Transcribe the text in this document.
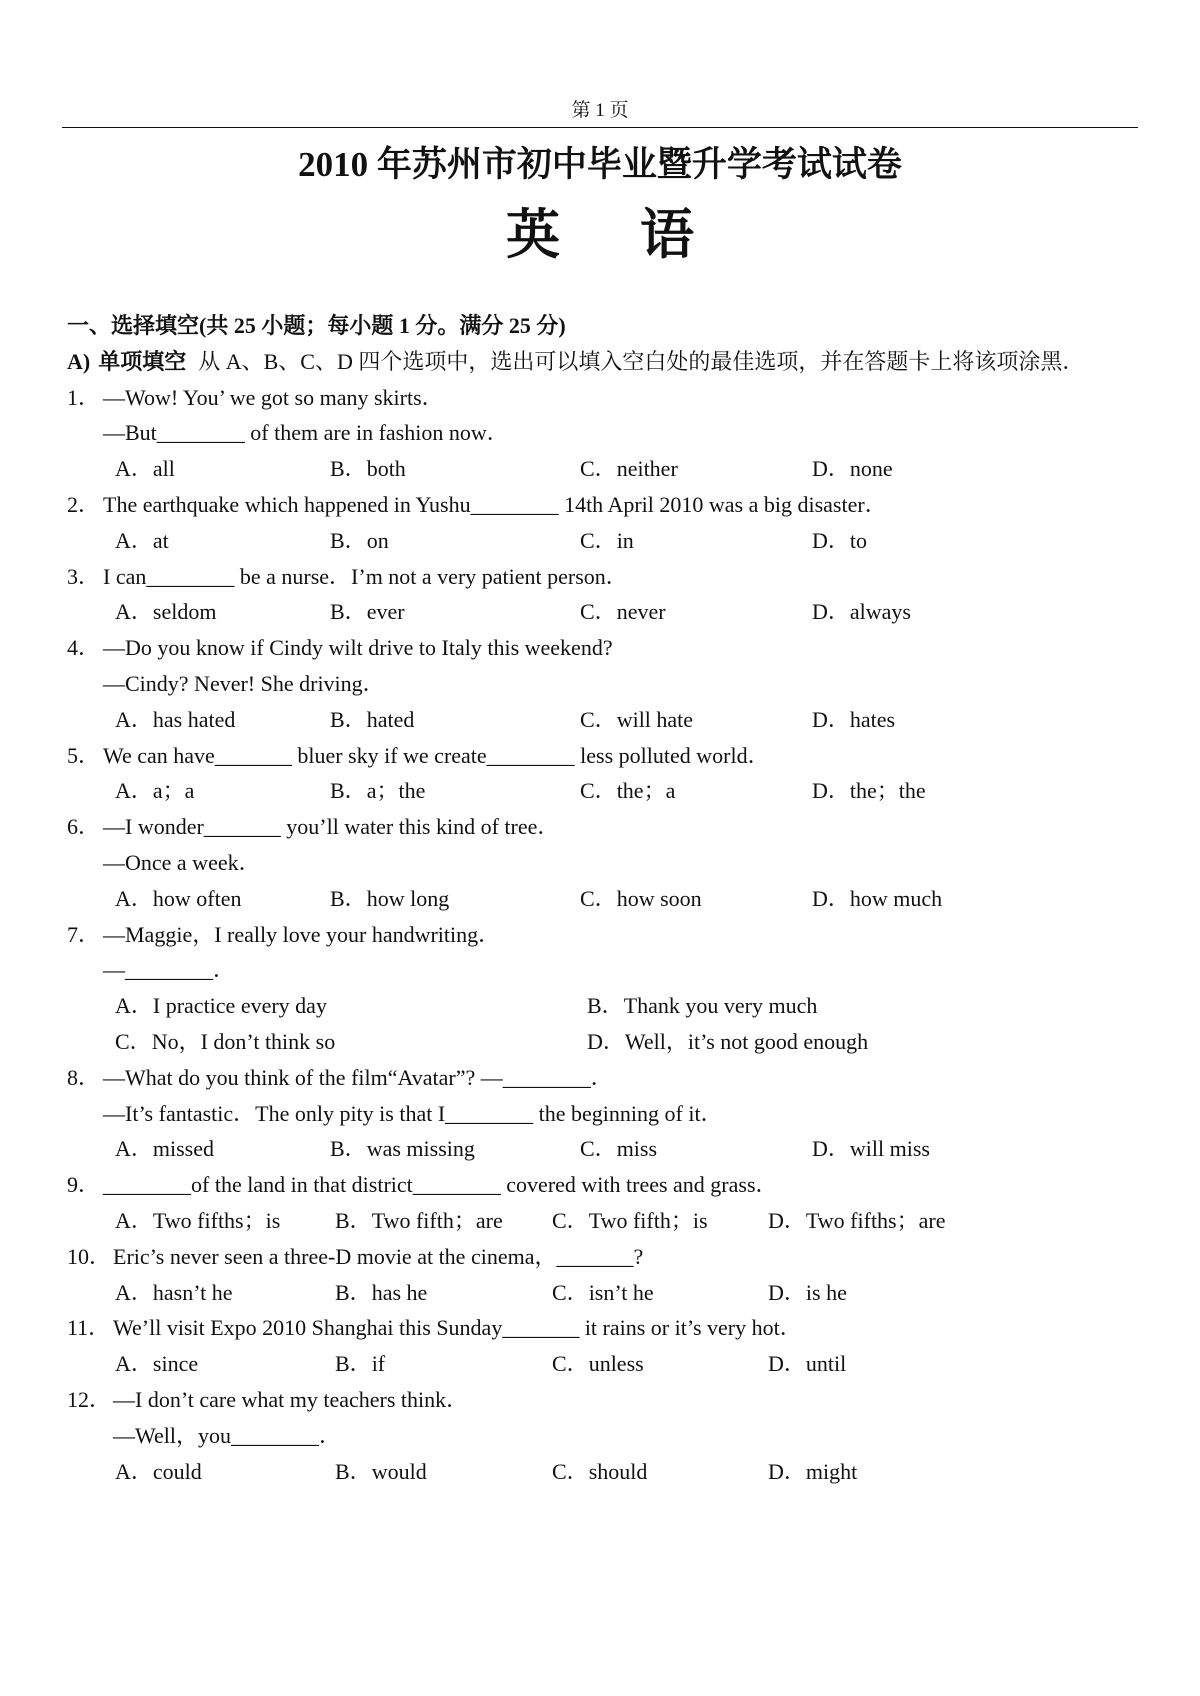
第 1 页
2010 年苏州市初中毕业暨升学考试试卷
英 语
一、选择填空(共 25 小题；每小题 1 分。满分 25 分)
A) 单项填空 从 A、B、C、D 四个选项中，选出可以填入空白处的最佳选项，并在答题卡上将该项涂黑．
1． —Wow! You’ we got so many skirts．
—But________ of them are in fashion now．
A．all	B．both	C．neither	D．none
2． The earthquake which happened in Yushu________ 14th April 2010 was a big disaster．
A．at	B．on	C．in	D．to
3． I can________ be a nurse．I’m not a very patient person．
A．seldom	B．ever	C．never	D．always
4． —Do you know if Cindy wilt drive to Italy this weekend?
—Cindy? Never! She driving．
A．has hated	B．hated	C．will hate	D．hates
5． We can have_______ bluer sky if we create________ less polluted world．
A．a；a	B．a；the	C．the；a	D．the；the
6． —I wonder_______ you’ll water this kind of tree．
—Once a week．
A．how often	B．how long	C．how soon	D．how much
7． —Maggie，I really love your handwriting．
—________．
A．I practice every day	B．Thank you very much
C．No，I don’t think so	D．Well，it’s not good enough
8． —What do you think of the film“Avatar”? —________．
—It’s fantastic．The only pity is that I________ the beginning of it．
A．missed	B．was missing	C．miss	D．will miss
9． ________of the land in that district________ covered with trees and grass．
A．Two fifths；is	B．Two fifth；are	C．Two fifth；is	D．Two fifths；are
10． Eric’s never seen a three-D movie at the cinema，_______?
A．hasn’t he	B．has he	C．isn’t he	D．is he
11． We’ll visit Expo 2010 Shanghai this Sunday_______ it rains or it’s very hot．
A．since	B．if	C．unless	D．until
12． —I don’t care what my teachers think．
—Well，you________．
A．could	B．would	C．should	D．might
